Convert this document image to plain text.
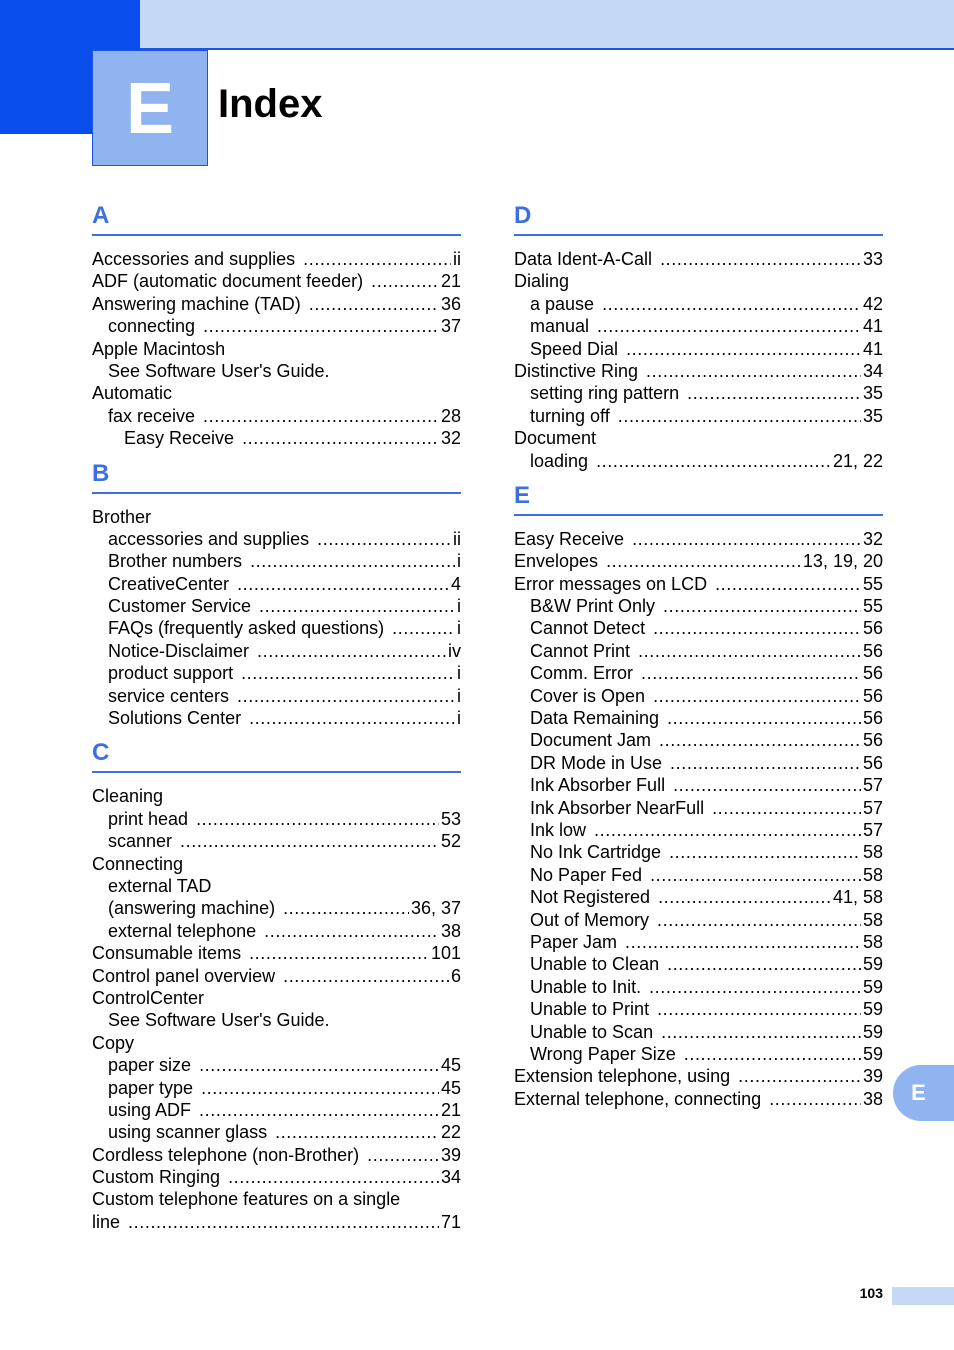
E	Index
A
Accessories and supplies . . .	ii
ADF (automatic document feeder) . . .	21
Answering machine (TAD) . . .	36
connecting . . .	37
Apple Macintosh
See Software User's Guide.
Automatic
fax receive . . .	28
Easy Receive . . .	32
B
Brother
accessories and supplies . . .	ii
Brother numbers . . .	i
CreativeCenter . . .	4
Customer Service . . .	i
FAQs (frequently asked questions) . . .	i
Notice-Disclaimer . . .	iv
product support . . .	i
service centers . . .	i
Solutions Center . . .	i
C
Cleaning
print head . . .	53
scanner . . .	52
Connecting
external TAD
(answering machine) . . .	36, 37
external telephone . . .	38
Consumable items . . .	101
Control panel overview . . .	6
ControlCenter
See Software User's Guide.
Copy
paper size . . .	45
paper type . . .	45
using ADF . . .	21
using scanner glass . . .	22
Cordless telephone (non-Brother) . . .	39
Custom Ringing . . .	34
Custom telephone features on a single
line . . .	71
D
Data Ident-A-Call . . .	33
Dialing
a pause . . .	42
manual . . .	41
Speed Dial . . .	41
Distinctive Ring . . .	34
setting ring pattern . . .	35
turning off . . .	35
Document
loading . . .	21, 22
E
Easy Receive . . .	32
Envelopes . . .	13, 19, 20
Error messages on LCD . . .	55
B&W Print Only . . .	55
Cannot Detect . . .	56
Cannot Print . . .	56
Comm. Error . . .	56
Cover is Open . . .	56
Data Remaining . . .	56
Document Jam . . .	56
DR Mode in Use . . .	56
Ink Absorber Full . . .	57
Ink Absorber NearFull . . .	57
Ink low . . .	57
No Ink Cartridge . . .	58
No Paper Fed . . .	58
Not Registered . . .	41, 58
Out of Memory . . .	58
Paper Jam . . .	58
Unable to Clean . . .	59
Unable to Init. . . .	59
Unable to Print . . .	59
Unable to Scan . . .	59
Wrong Paper Size . . .	59
Extension telephone, using . . .	39
External telephone, connecting . . .	38	E
103
